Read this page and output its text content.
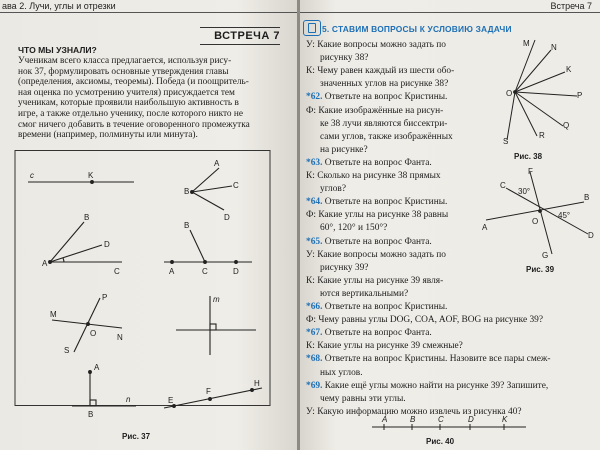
ава 2. Лучи, углы и отрезки
ВСТРЕЧА 7
ЧТО МЫ УЗНАЛИ?
Ученикам всего класса предлагается, используя рису-
нок 37, формулировать основные утверждения главы
(определения, аксиомы, теоремы). Победа (и поощритель-
ная оценка по усмотрению учителя) присуждается тем
ученикам, которые проявили наибольшую активность в
игре, а также отдельно ученику, после которого никто не
смог ничего добавить в течение оговоренного промежутка
времени (например, полминуты или минута).
c	K
A
B
C
D
B
A
D
C
B
A	C	D
P
M
N
O
S
m
A
B
n	E
F
H
Рис. 37
Встреча 7
5. СТАВИМ ВОПРОСЫ К УСЛОВИЮ ЗАДАЧИ
У: Какие вопросы можно задать по
рисунку 38?
К: Чему равен каждый из шести обо-
значенных углов на рисунке 38?
*62. Ответьте на вопрос Кристины.
Ф: Какие изображённые на рисун-
ке 38 лучи являются биссектри-
сами углов, также изображённых
на рисунке?
*63. Ответьте на вопрос Фанта.
К: Сколько на рисунке 38 прямых
углов?
*64. Ответьте на вопрос Кристины.
Ф: Какие углы на рисунке 38 равны
60°, 120° и 150°?
*65. Ответьте на вопрос Фанта.
У: Какие вопросы можно задать по
рисунку 39?
К: Какие углы на рисунке 39 явля-
ются вертикальными?
*66. Ответьте на вопрос Кристины.
Ф: Чему равны углы DOG, COA, AOF, BOG на рисунке 39?
*67. Ответьте на вопрос Фанта.
К: Какие углы на рисунке 39 смежные?
*68. Ответьте на вопрос Кристины. Назовите все пары смеж-
ных углов.
*69. Какие ещё углы можно найти на рисунке 39? Запишите,
чему равны эти углы.
У: Какую информацию можно извлечь из рисунка 40?
M	N
K
O	P
Q
R
S
Рис. 38
C
F
B
A
O
D
G
30°
45°
Рис. 39
A	B	C	D	K
Рис. 40
